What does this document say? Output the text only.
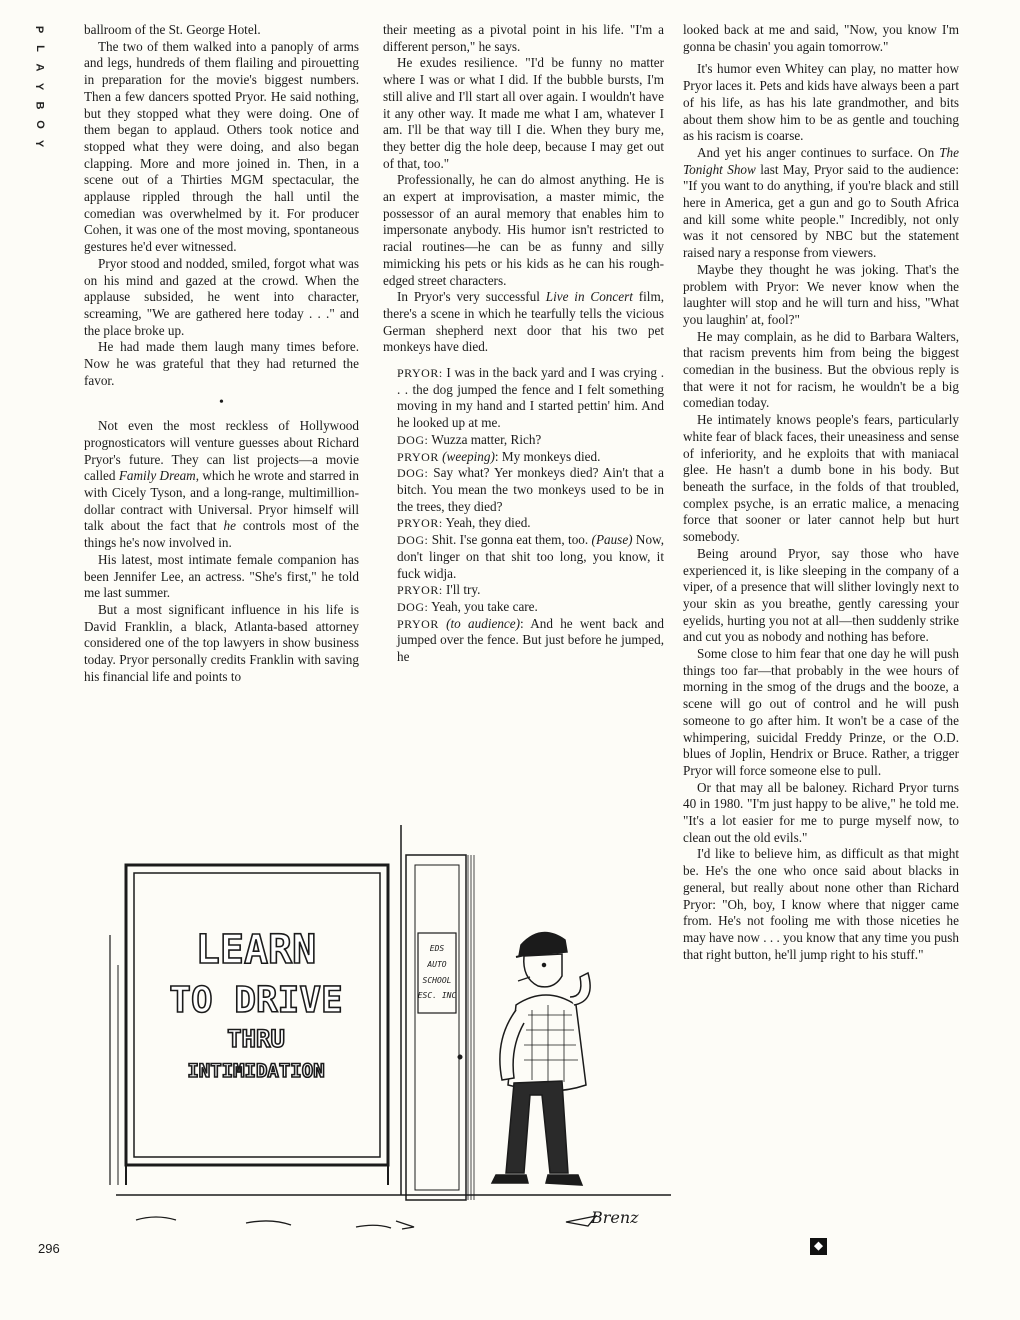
P
L
A
Y
B
O
Y

ballroom of the St. George Hotel.

The two of them walked into a panoply of arms and legs, hundreds of them flailing and pirouetting in preparation for the movie's biggest numbers. Then a few dancers spotted Pryor. He said nothing, but they stopped what they were doing. One of them began to applaud. Others took notice and stopped what they were doing, and also began clapping. More and more joined in. Then, in a scene out of a Thirties MGM spectacular, the applause rippled through the hall until the comedian was overwhelmed by it. For producer Cohen, it was one of the most moving, spontaneous gestures he'd ever witnessed.

Pryor stood and nodded, smiled, forgot what was on his mind and gazed at the crowd. When the applause subsided, he went into character, screaming, "We are gathered here today . . ." and the place broke up.

He had made them laugh many times before. Now he was grateful that they had returned the favor.

•

Not even the most reckless of Hollywood prognosticators will venture guesses about Richard Pryor's future. They can list projects—a movie called Family Dream, which he wrote and starred in with Cicely Tyson, and a long-range, multimillion-dollar contract with Universal. Pryor himself will talk about the fact that he controls most of the things he's now involved in.

His latest, most intimate female companion has been Jennifer Lee, an actress. "She's first," he told me last summer.

But a most significant influence in his life is David Franklin, a black, Atlanta-based attorney considered one of the top lawyers in show business today. Pryor personally credits Franklin with saving his financial life and points to

their meeting as a pivotal point in his life. "I'm a different person," he says.

He exudes resilience. "I'd be funny no matter where I was or what I did. If the bubble bursts, I'm still alive and I'll start all over again. I wouldn't have it any other way. It made me what I am, whatever I am. I'll be that way till I die. When they bury me, they better dig the hole deep, because I may get out of that, too."

Professionally, he can do almost anything. He is an expert at improvisation, a master mimic, the possessor of an aural memory that enables him to impersonate anybody. His humor isn't restricted to racial routines—he can be as funny and silly mimicking his pets or his kids as he can his rough-edged street characters.

In Pryor's very successful Live in Concert film, there's a scene in which he tearfully tells the vicious German shepherd next door that his two pet monkeys have died.

PRYOR: I was in the back yard and I was crying . . . the dog jumped the fence and I felt something moving in my hand and I started pettin' him. And he looked up at me.

DOG: Wuzza matter, Rich?

PRYOR (weeping): My monkeys died.

DOG: Say what? Yer monkeys died? Ain't that a bitch. You mean the two monkeys used to be in the trees, they died?

PRYOR: Yeah, they died.

DOG: Shit. I'se gonna eat them, too. (Pause) Now, don't linger on that shit too long, you know, it fuck widja.

PRYOR: I'll try.

DOG: Yeah, you take care.

PRYOR (to audience): And he went back and jumped over the fence. But just before he jumped, he

looked back at me and said, "Now, you know I'm gonna be chasin' you again tomorrow."

It's humor even Whitey can play, no matter how Pryor laces it. Pets and kids have always been a part of his life, as has his late grandmother, and bits about them show him to be as gentle and touching as his racism is coarse.

And yet his anger continues to surface. On The Tonight Show last May, Pryor said to the audience: "If you want to do anything, if you're black and still here in America, get a gun and go to South Africa and kill some white people." Incredibly, not only was it not censored by NBC but the statement raised nary a response from viewers.

Maybe they thought he was joking. That's the problem with Pryor: We never know when the laughter will stop and he will turn and hiss, "What you laughin' at, fool?"

He may complain, as he did to Barbara Walters, that racism prevents him from being the biggest comedian in the business. But the obvious reply is that were it not for racism, he wouldn't be a big comedian today.

He intimately knows people's fears, particularly white fear of black faces, their uneasiness and sense of inferiority, and he exploits that with maniacal glee. He hasn't a dumb bone in his body. But beneath the surface, in the folds of that troubled, complex psyche, is an erratic malice, a menacing force that sooner or later cannot help but hurt somebody.

Being around Pryor, say those who have experienced it, is like sleeping in the company of a viper, of a presence that will slither lovingly next to your skin as you breathe, gently caressing your eyelids, hurting you not at all—then suddenly strike and cut you as nobody and nothing has before.

Some close to him fear that one day he will push things too far—that probably in the wee hours of morning in the smog of the drugs and the booze, a scene will go out of control and he will push someone to go after him. It won't be a case of the whimpering, suicidal Freddy Prinze, or the O.D. blues of Joplin, Hendrix or Bruce. Rather, a trigger Pryor will force someone else to pull.

Or that may all be baloney. Richard Pryor turns 40 in 1980. "I'm just happy to be alive," he told me. "It's a lot easier for me to purge myself now, to clean out the old evils."

I'd like to believe him, as difficult as that might be. He's the one who once said about blacks in general, but really about none other than Richard Pryor: "Oh, boy, I know where that nigger came from. He's not fooling me with those niceties he may have now . . . you know that any time you push that right button, he'll jump right to his stuff."

LEARN
TO DRIVE
THRU
INTIMIDATION
EDS
AUTO
SCHOOL
ESC. INC
Brenz
296	◆
